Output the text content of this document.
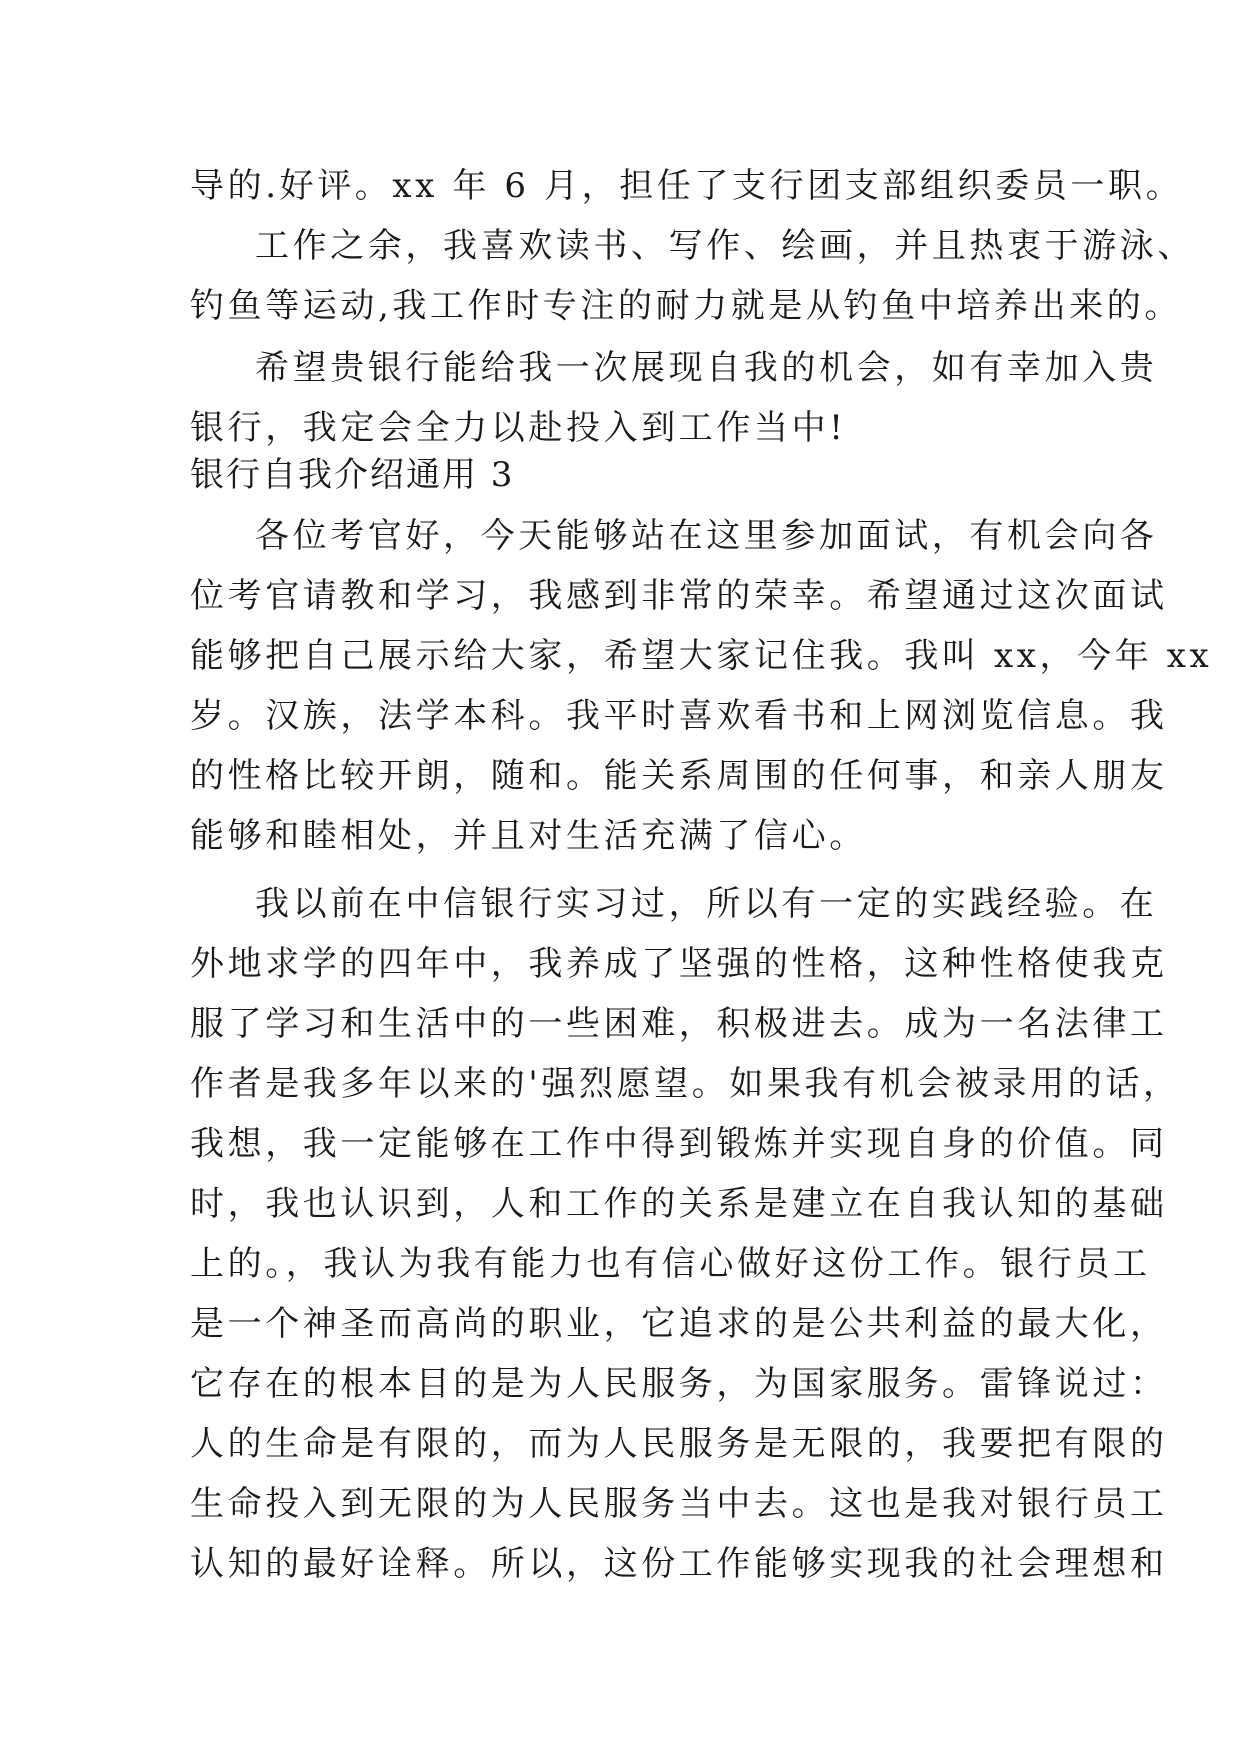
导的.好评。xx 年 6 月，担任了支行团支部组织委员一职。
工作之余，我喜欢读书、写作、绘画，并且热衷于游泳、
钓鱼等运动,我工作时专注的耐力就是从钓鱼中培养出来的。
希望贵银行能给我一次展现自我的机会，如有幸加入贵
银行，我定会全力以赴投入到工作当中!
银行自我介绍通用 3
各位考官好，今天能够站在这里参加面试，有机会向各
位考官请教和学习，我感到非常的荣幸。希望通过这次面试
能够把自己展示给大家，希望大家记住我。我叫 xx，今年 xx
岁。汉族，法学本科。我平时喜欢看书和上网浏览信息。我
的性格比较开朗，随和。能关系周围的任何事，和亲人朋友
能够和睦相处，并且对生活充满了信心。
我以前在中信银行实习过，所以有一定的实践经验。在
外地求学的四年中，我养成了坚强的性格，这种性格使我克
服了学习和生活中的一些困难，积极进去。成为一名法律工
作者是我多年以来的'强烈愿望。如果我有机会被录用的话，
我想，我一定能够在工作中得到锻炼并实现自身的价值。同
时，我也认识到，人和工作的关系是建立在自我认知的基础
上的。，我认为我有能力也有信心做好这份工作。银行员工
是一个神圣而高尚的职业，它追求的是公共利益的最大化，
它存在的根本目的是为人民服务，为国家服务。雷锋说过：
人的生命是有限的，而为人民服务是无限的，我要把有限的
生命投入到无限的为人民服务当中去。这也是我对银行员工
认知的最好诠释。所以，这份工作能够实现我的社会理想和
